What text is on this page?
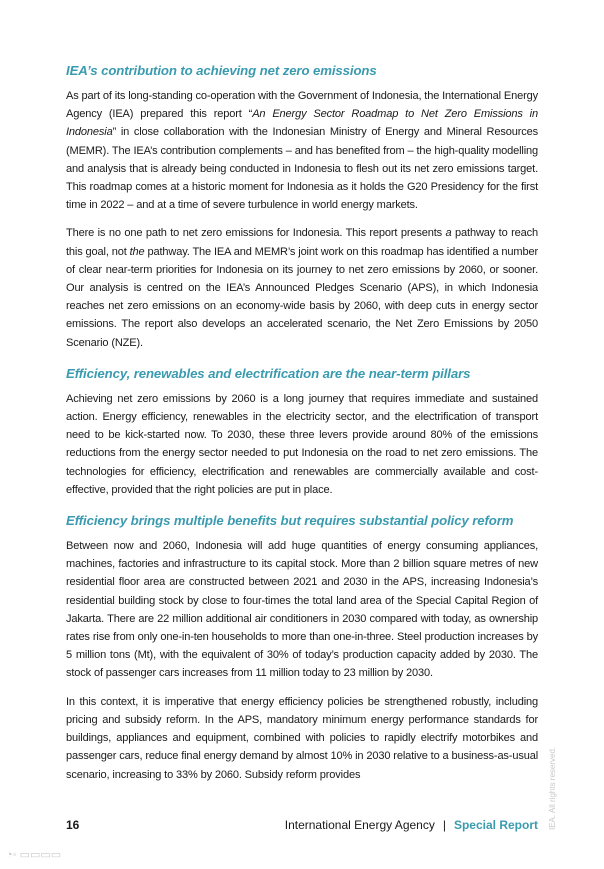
IEA’s contribution to achieving net zero emissions

As part of its long-standing co-operation with the Government of Indonesia, the International Energy Agency (IEA) prepared this report “An Energy Sector Roadmap to Net Zero Emissions in Indonesia” in close collaboration with the Indonesian Ministry of Energy and Mineral Resources (MEMR). The IEA’s contribution complements – and has benefited from – the high-quality modelling and analysis that is already being conducted in Indonesia to flesh out its net zero emissions target. This roadmap comes at a historic moment for Indonesia as it holds the G20 Presidency for the first time in 2022 – and at a time of severe turbulence in world energy markets.

There is no one path to net zero emissions for Indonesia. This report presents a pathway to reach this goal, not the pathway. The IEA and MEMR’s joint work on this roadmap has identified a number of clear near-term priorities for Indonesia on its journey to net zero emissions by 2060, or sooner. Our analysis is centred on the IEA’s Announced Pledges Scenario (APS), in which Indonesia reaches net zero emissions on an economy-wide basis by 2060, with deep cuts in energy sector emissions. The report also develops an accelerated scenario, the Net Zero Emissions by 2050 Scenario (NZE).

Efficiency, renewables and electrification are the near-term pillars

Achieving net zero emissions by 2060 is a long journey that requires immediate and sustained action. Energy efficiency, renewables in the electricity sector, and the electrification of transport need to be kick-started now. To 2030, these three levers provide around 80% of the emissions reductions from the energy sector needed to put Indonesia on the road to net zero emissions. The technologies for efficiency, electrification and renewables are commercially available and cost-effective, provided that the right policies are put in place.

Efficiency brings multiple benefits but requires substantial policy reform

Between now and 2060, Indonesia will add huge quantities of energy consuming appliances, machines, factories and infrastructure to its capital stock. More than 2 billion square metres of new residential floor area are constructed between 2021 and 2030 in the APS, increasing Indonesia’s residential building stock by close to four-times the total land area of the Special Capital Region of Jakarta. There are 22 million additional air conditioners in 2030 compared with today, as ownership rates rise from only one-in-ten households to more than one-in-three. Steel production increases by 5 million tons (Mt), with the equivalent of 30% of today’s production capacity added by 2030. The stock of passenger cars increases from 11 million today to 23 million by 2030.

In this context, it is imperative that energy efficiency policies be strengthened robustly, including pricing and subsidy reform. In the APS, mandatory minimum energy performance standards for buildings, appliances and equipment, combined with policies to rapidly electrify motorbikes and passenger cars, reduce final energy demand by almost 10% in 2030 relative to a business-as-usual scenario, increasing to 33% by 2060. Subsidy reform provides

16	International Energy Agency | Special Report IEA. All rights reserved.
◔◦ ▭▭▭▭
